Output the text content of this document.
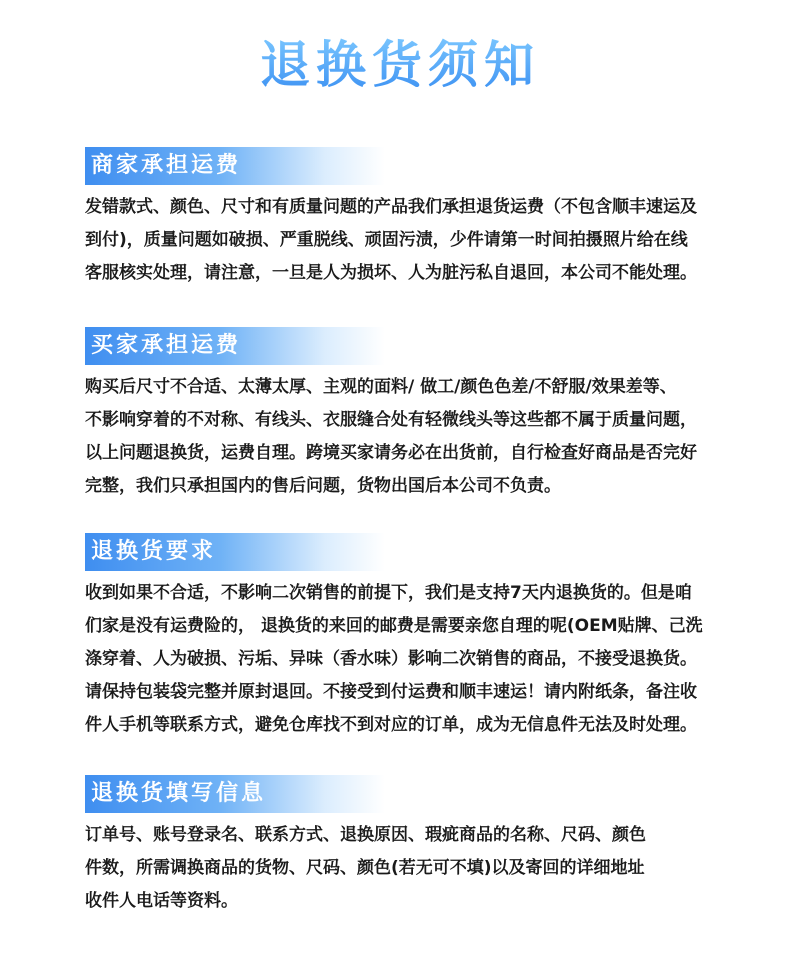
退换货须知
商家承担运费

发错款式、颜色、尺寸和有质量问题的产品我们承担退货运费（不包含顺丰速运及

到付)，质量问题如破损、严重脱线、顽固污渍，少件请第一时间拍摄照片给在线

客服核实处理，请注意，一旦是人为损坏、人为脏污私自退回，本公司不能处理。

买家承担运费

购买后尺寸不合适、太薄太厚、主观的面料/ 做工/颜色色差/不舒服/效果差等、

不影响穿着的不对称、有线头、衣服缝合处有轻微线头等这些都不属于质量问题，

以上问题退换货，运费自理。跨境买家请务必在出货前，自行检查好商品是否完好

完整，我们只承担国内的售后问题，货物出国后本公司不负责。

退换货要求

收到如果不合适，不影响二次销售的前提下，我们是支持7天内退换货的。但是咱

们家是没有运费险的， 退换货的来回的邮费是需要亲您自理的呢(OEM贴牌、己洗

涤穿着、人为破损、污垢、异味（香水味）影响二次销售的商品，不接受退换货。

请保持包装袋完整并原封退回。不接受到付运费和顺丰速运！请内附纸条，备注收

件人手机等联系方式，避免仓库找不到对应的订单，成为无信息件无法及时处理。

退换货填写信息

订单号、账号登录名、联系方式、退换原因、瑕疵商品的名称、尺码、颜色

件数，所需调换商品的货物、尺码、颜色(若无可不填)以及寄回的详细地址

收件人电话等资料。
